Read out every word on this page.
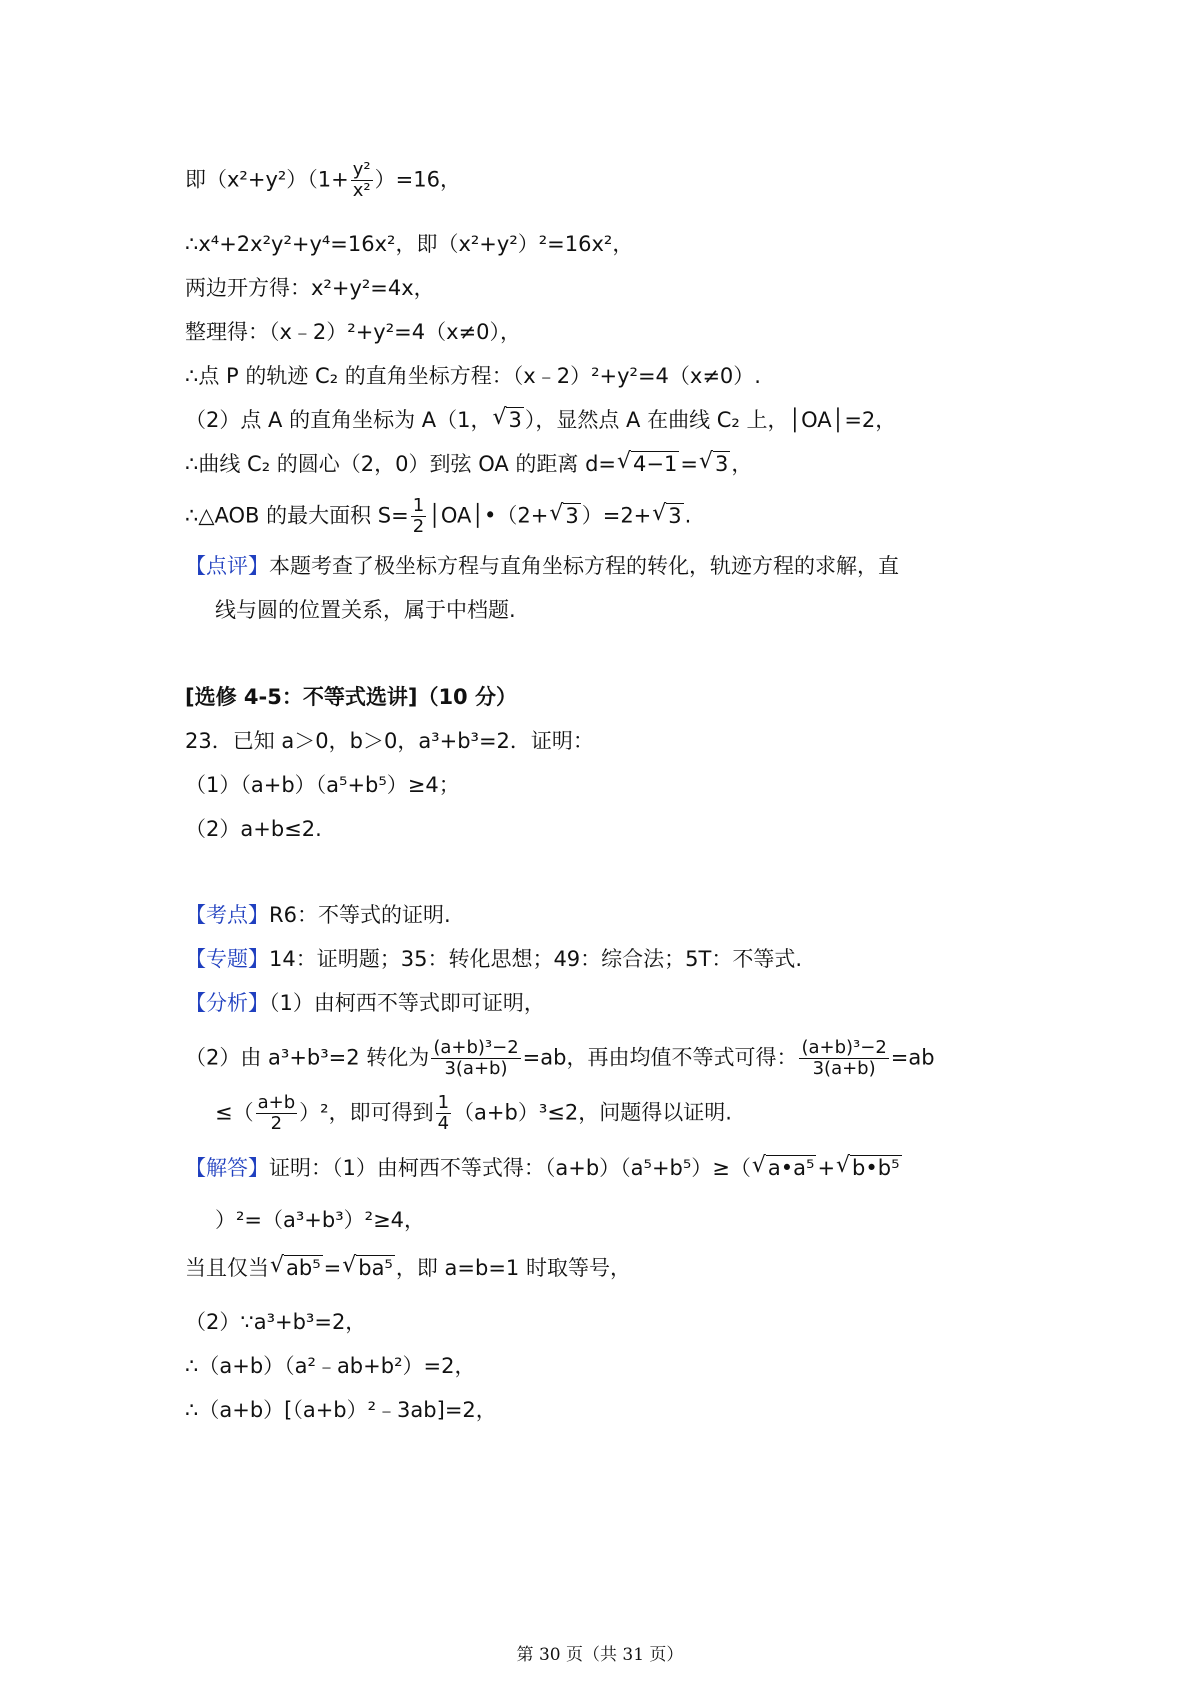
即$(x^2+y^2)(1+ \frac{\text{y²}}{\text{x²}} )=16$，
∴x⁴+2x²y²+y⁴=16x²，即（x²+y²）²=16x²，
两边开方得：x²+y²=4x，
整理得：（x﹣2）²+y²=4（x≠0），
∴点 P 的轨迹 C₂ 的直角坐标方程：（x﹣2）²+y²=4（x≠0）.
（2）点 A 的直角坐标为 A（1， √ 3 ），显然点 A 在曲线 C₂ 上，│OA│=2，
∴曲线 C₂ 的圆心（2，0）到弦 OA 的距离 d= √ 4−1 = √ 3 ，
∴△AOB 的最大面积 $S= \frac{1}{2}$ │OA│•（2+ √ 3 ）=2+ √ 3 .
【点评】本题考查了极坐标方程与直角坐标方程的转化，轨迹方程的求解，直
线与圆的位置关系，属于中档题.
[选修 4-5：不等式选讲]（10 分）
23．已知 a＞0，b＞0，a³+b³=2．证明：
（1）（a+b）（a⁵+b⁵）≥4；
（2）a+b≤2.
【考点】R6：不等式的证明.
【专题】14：证明题；35：转化思想；49：综合法；5T：不等式.
【分析】（1）由柯西不等式即可证明，
（2）由 a³+b³=2 转化为 $\frac{\text{(a+b)³−2}}{3(a+b)} =ab$，再由均值不等式可得： $\frac{\text{(a+b)³−2}}{3(a+b)} =ab$
≤（ $\frac{a+b}{2} )^2$，即可得到 $\frac{1}{4} (a+b)^3\le 2$，问题得以证明.
【解答】证明：（1）由柯西不等式得：（a+b）（a⁵+b⁵）≥（ √ a•a⁵ + √ b•b⁵
）²=（a³+b³）²≥4，
当且仅当 √ ab⁵ = √ ba⁵ ，即 a=b=1 时取等号，
（2）∵a³+b³=2，
∴（a+b）（a²﹣ab+b²）=2，
∴（a+b）[（a+b）²﹣3ab]=2，
第 30 页（共 31 页）
